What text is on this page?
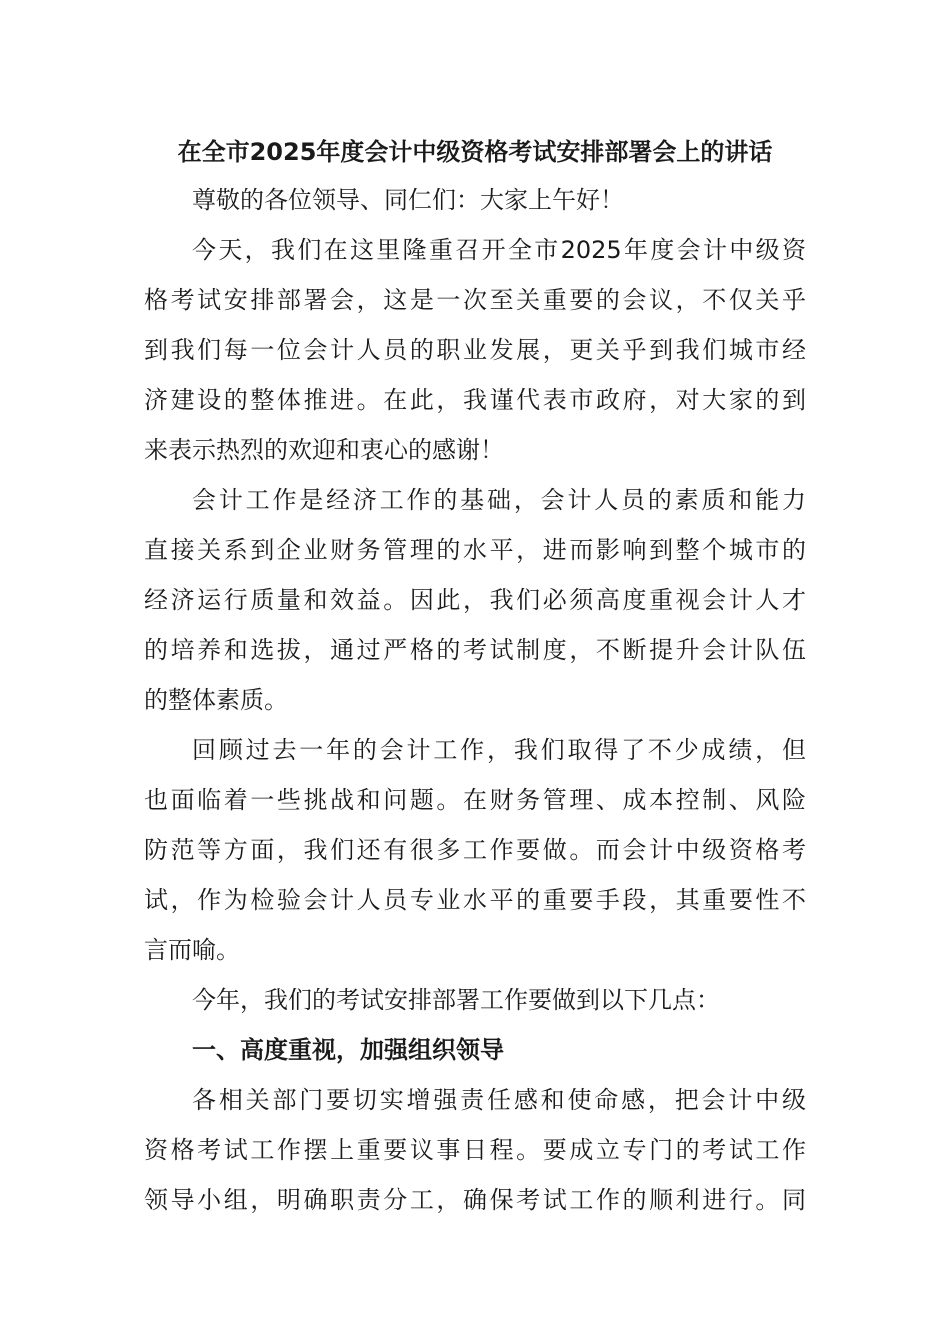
在全市2025年度会计中级资格考试安排部署会上的讲话

尊敬的各位领导、同仁们：大家上午好！

今天，我们在这里隆重召开全市2025年度会计中级资
格考试安排部署会，这是一次至关重要的会议，不仅关乎
到我们每一位会计人员的职业发展，更关乎到我们城市经
济建设的整体推进。在此，我谨代表市政府，对大家的到
来表示热烈的欢迎和衷心的感谢！

会计工作是经济工作的基础，会计人员的素质和能力
直接关系到企业财务管理的水平，进而影响到整个城市的
经济运行质量和效益。因此，我们必须高度重视会计人才
的培养和选拔，通过严格的考试制度，不断提升会计队伍
的整体素质。

回顾过去一年的会计工作，我们取得了不少成绩，但
也面临着一些挑战和问题。在财务管理、成本控制、风险
防范等方面，我们还有很多工作要做。而会计中级资格考
试，作为检验会计人员专业水平的重要手段，其重要性不
言而喻。

今年，我们的考试安排部署工作要做到以下几点：

一、高度重视，加强组织领导

各相关部门要切实增强责任感和使命感，把会计中级
资格考试工作摆上重要议事日程。要成立专门的考试工作
领导小组，明确职责分工，确保考试工作的顺利进行。同
